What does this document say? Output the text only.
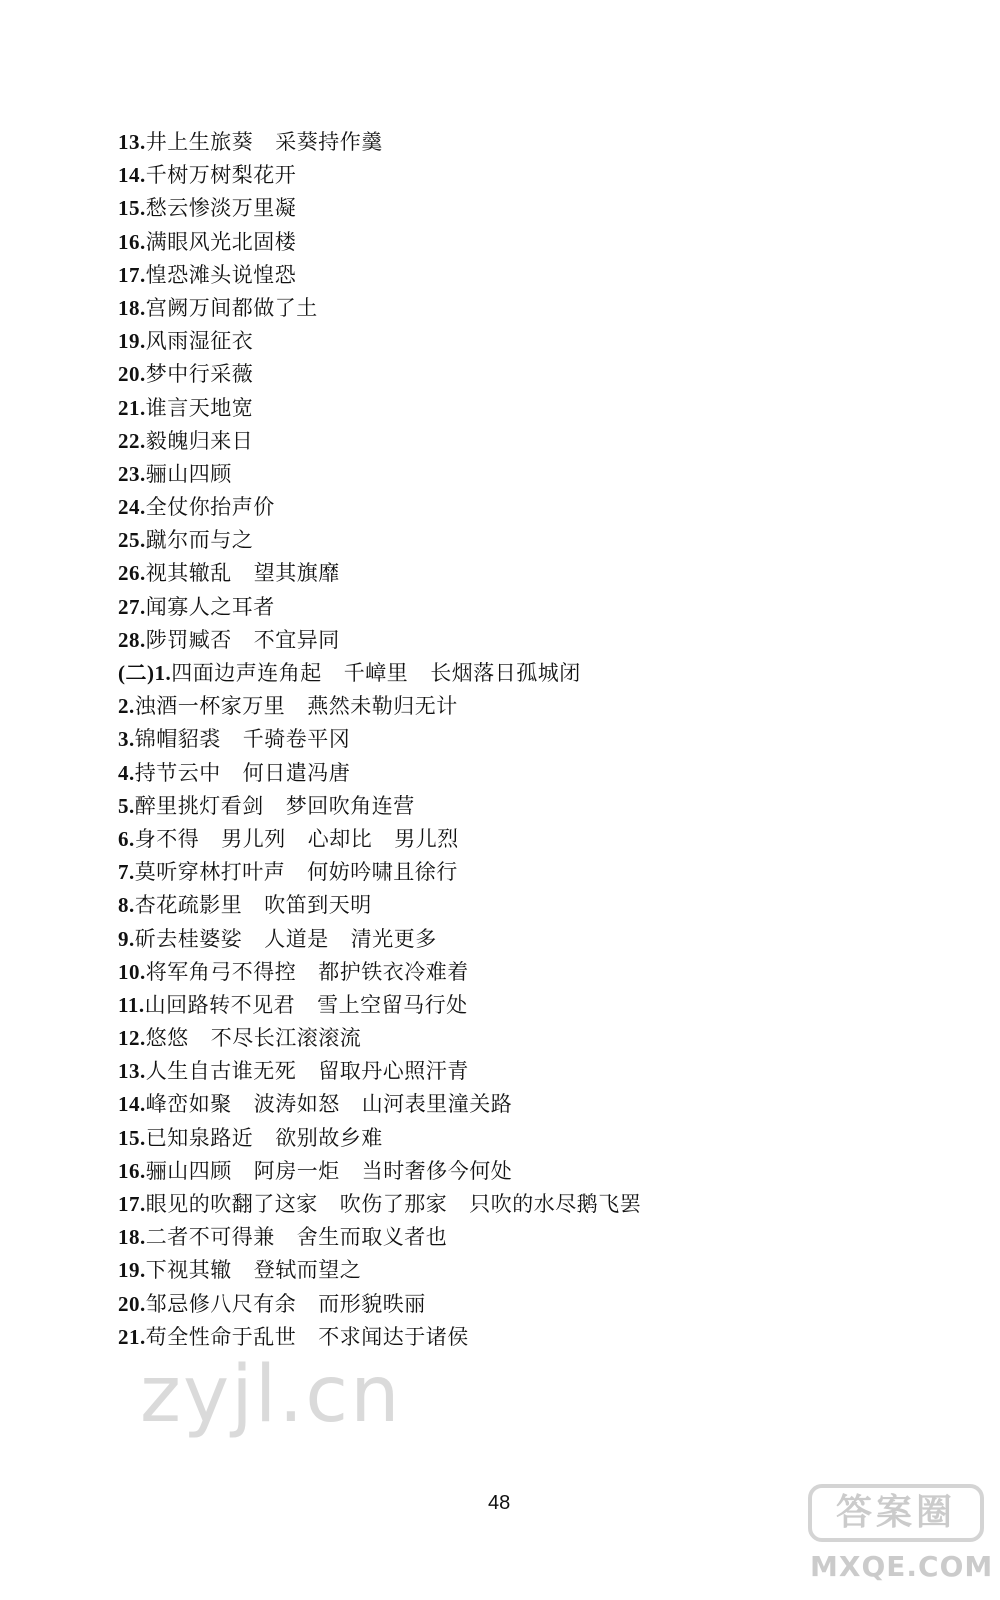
13.井上生旅葵 采葵持作羹
14.千树万树梨花开
15.愁云惨淡万里凝
16.满眼风光北固楼
17.惶恐滩头说惶恐
18.宫阙万间都做了土
19.风雨湿征衣
20.梦中行采薇
21.谁言天地宽
22.毅魄归来日
23.骊山四顾
24.全仗你抬声价
25.蹴尔而与之
26.视其辙乱 望其旗靡
27.闻寡人之耳者
28.陟罚臧否 不宜异同
(二)1.四面边声连角起 千嶂里 长烟落日孤城闭
2.浊酒一杯家万里 燕然未勒归无计
3.锦帽貂裘 千骑卷平冈
4.持节云中 何日遣冯唐
5.醉里挑灯看剑 梦回吹角连营
6.身不得 男儿列 心却比 男儿烈
7.莫听穿林打叶声 何妨吟啸且徐行
8.杏花疏影里 吹笛到天明
9.斫去桂婆娑 人道是 清光更多
10.将军角弓不得控 都护铁衣冷难着
11.山回路转不见君 雪上空留马行处
12.悠悠 不尽长江滚滚流
13.人生自古谁无死 留取丹心照汗青
14.峰峦如聚 波涛如怒 山河表里潼关路
15.已知泉路近 欲别故乡难
16.骊山四顾 阿房一炬 当时奢侈今何处
17.眼见的吹翻了这家 吹伤了那家 只吹的水尽鹅飞罢
18.二者不可得兼 舍生而取义者也
19.下视其辙 登轼而望之
20.邹忌修八尺有余 而形貌昳丽
21.苟全性命于乱世 不求闻达于诸侯
48
zyjl.cn
答案圈
MXQE.COM
